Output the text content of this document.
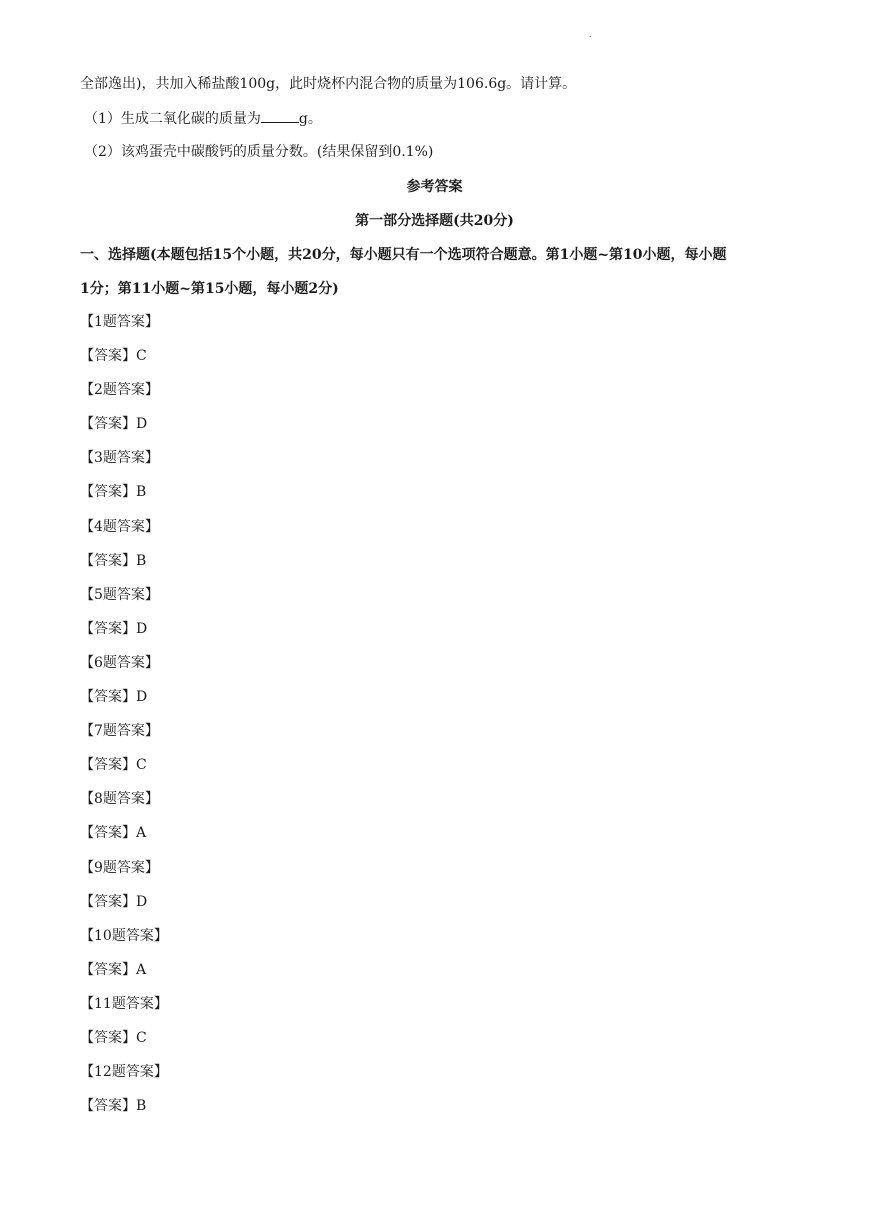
.
全部逸出)，共加入稀盐酸100g，此时烧杯内混合物的质量为106.6g。请计算。
（1）生成二氧化碳的质量为	g。
（2）该鸡蛋壳中碳酸钙的质量分数。(结果保留到0.1%)
参考答案
第一部分选择题(共20分)
一、选择题(本题包括15个小题，共20分，每小题只有一个选项符合题意。第1小题~第10小题，每小题
1分；第11小题~第15小题，每小题2分)
【1题答案】
【答案】C
【2题答案】
【答案】D
【3题答案】
【答案】B
【4题答案】
【答案】B
【5题答案】
【答案】D
【6题答案】
【答案】D
【7题答案】
【答案】C
【8题答案】
【答案】A
【9题答案】
【答案】D
【10题答案】
【答案】A
【11题答案】
【答案】C
【12题答案】
【答案】B
